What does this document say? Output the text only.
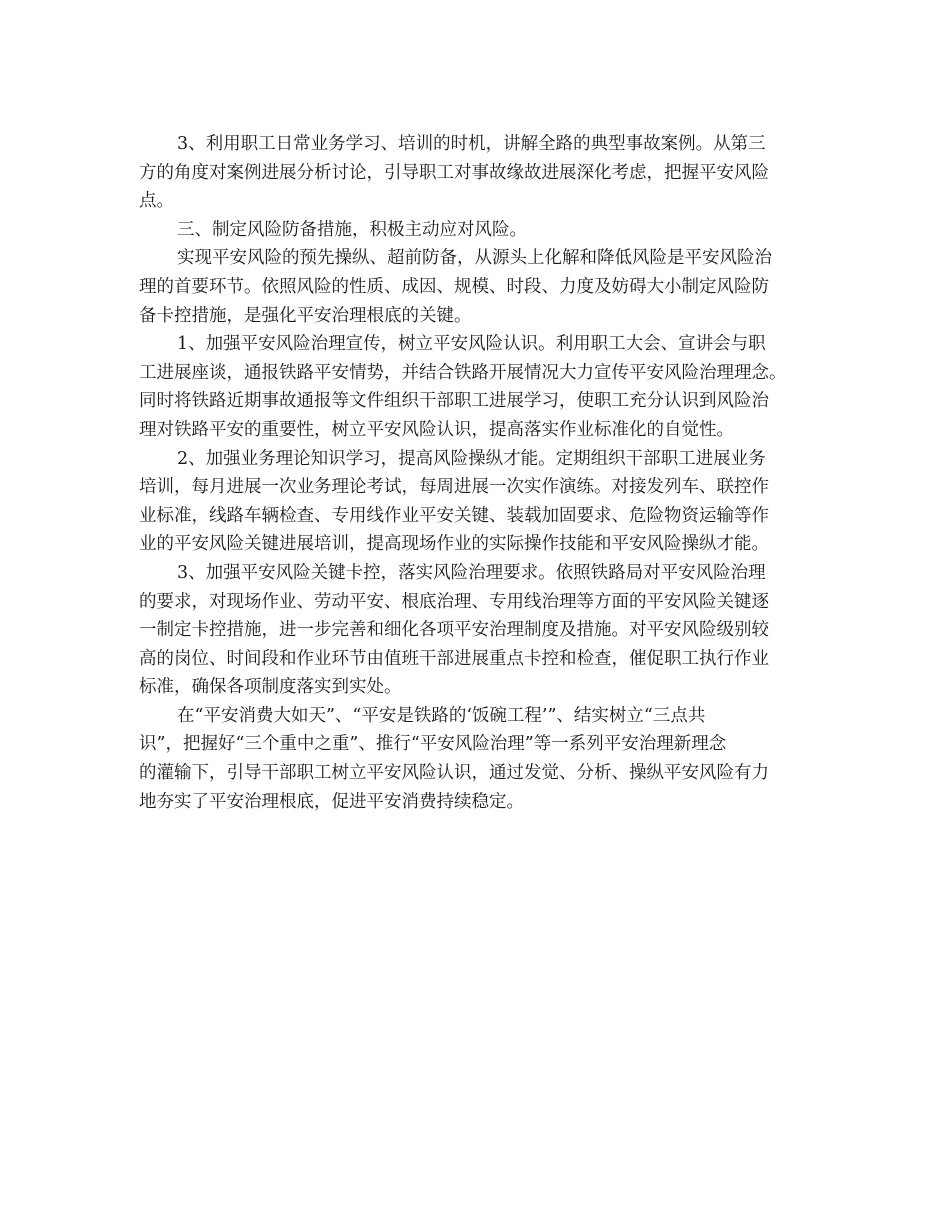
3、利用职工日常业务学习、培训的时机，讲解全路的典型事故案例。从第三
方的角度对案例进展分析讨论，引导职工对事故缘故进展深化考虑，把握平安风险
点。
三、制定风险防备措施，积极主动应对风险。
实现平安风险的预先操纵、超前防备，从源头上化解和降低风险是平安风险治
理的首要环节。依照风险的性质、成因、规模、时段、力度及妨碍大小制定风险防
备卡控措施，是强化平安治理根底的关键。
1、加强平安风险治理宣传，树立平安风险认识。利用职工大会、宣讲会与职
工进展座谈，通报铁路平安情势，并结合铁路开展情况大力宣传平安风险治理理念。
同时将铁路近期事故通报等文件组织干部职工进展学习，使职工充分认识到风险治
理对铁路平安的重要性，树立平安风险认识，提高落实作业标准化的自觉性。
2、加强业务理论知识学习，提高风险操纵才能。定期组织干部职工进展业务
培训，每月进展一次业务理论考试，每周进展一次实作演练。对接发列车、联控作
业标准，线路车辆检查、专用线作业平安关键、装载加固要求、危险物资运输等作
业的平安风险关键进展培训，提高现场作业的实际操作技能和平安风险操纵才能。
3、加强平安风险关键卡控，落实风险治理要求。依照铁路局对平安风险治理
的要求，对现场作业、劳动平安、根底治理、专用线治理等方面的平安风险关键逐
一制定卡控措施，进一步完善和细化各项平安治理制度及措施。对平安风险级别较
高的岗位、时间段和作业环节由值班干部进展重点卡控和检查，催促职工执行作业
标准，确保各项制度落实到实处。
在“平安消费大如天”、“平安是铁路的‘饭碗工程’”、结实树立“三点共
识”，把握好“三个重中之重”、推行“平安风险治理”等一系列平安治理新理念
的灌输下，引导干部职工树立平安风险认识，通过发觉、分析、操纵平安风险有力
地夯实了平安治理根底，促进平安消费持续稳定。
